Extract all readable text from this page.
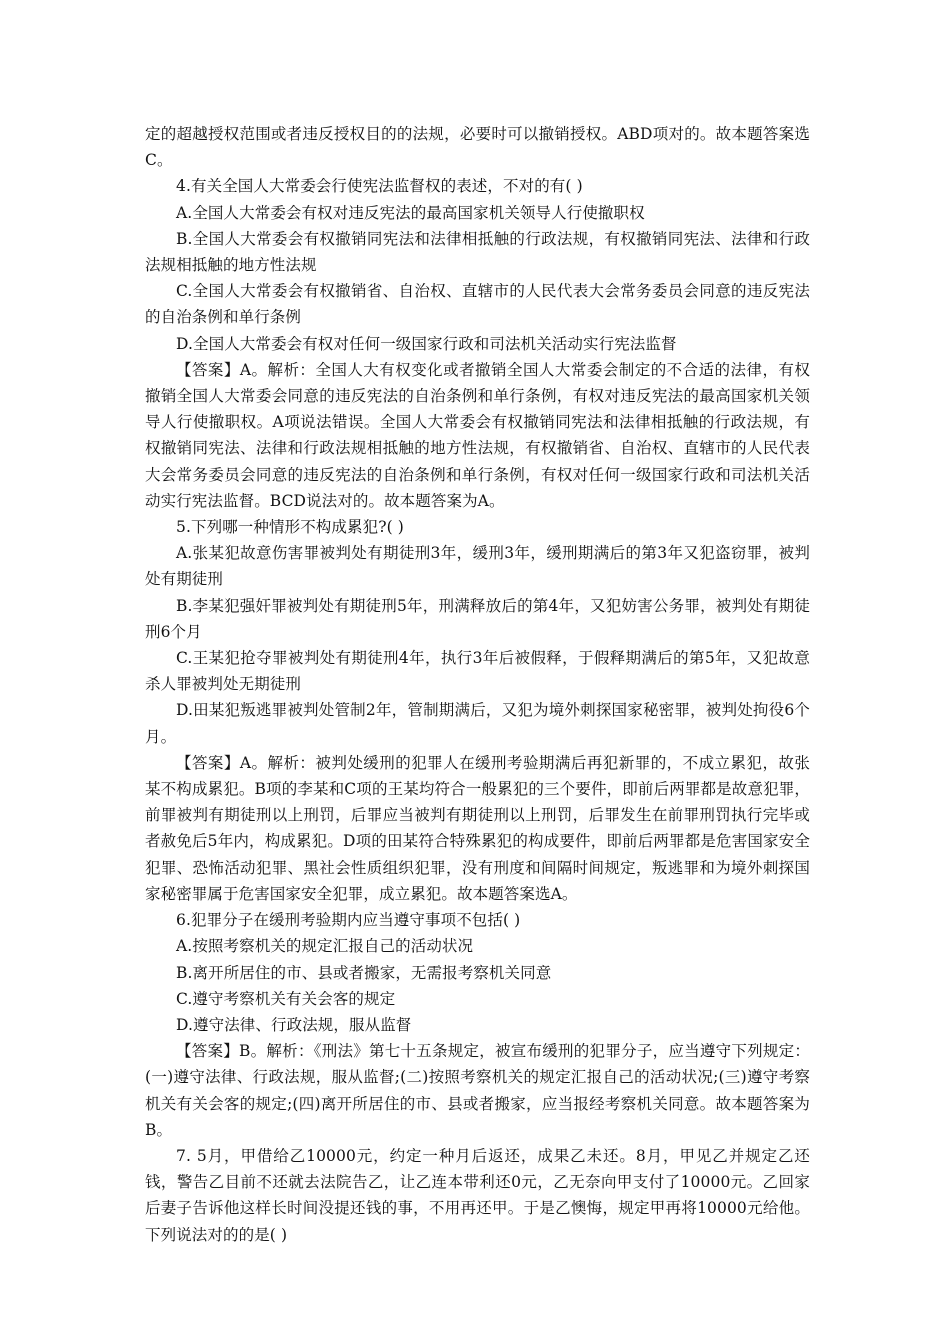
定的超越授权范围或者违反授权目的的法规，必要时可以撤销授权。ABD项对的。故本题答案选C。

4.有关全国人大常委会行使宪法监督权的表述，不对的有( )

A.全国人大常委会有权对违反宪法的最高国家机关领导人行使撤职权

B.全国人大常委会有权撤销同宪法和法律相抵触的行政法规，有权撤销同宪法、法律和行政法规相抵触的地方性法规

C.全国人大常委会有权撤销省、自治权、直辖市的人民代表大会常务委员会同意的违反宪法的自治条例和单行条例

D.全国人大常委会有权对任何一级国家行政和司法机关活动实行宪法监督

【答案】A。解析：全国人大有权变化或者撤销全国人大常委会制定的不合适的法律，有权撤销全国人大常委会同意的违反宪法的自治条例和单行条例，有权对违反宪法的最高国家机关领导人行使撤职权。A项说法错误。全国人大常委会有权撤销同宪法和法律相抵触的行政法规，有权撤销同宪法、法律和行政法规相抵触的地方性法规，有权撤销省、自治权、直辖市的人民代表大会常务委员会同意的违反宪法的自治条例和单行条例，有权对任何一级国家行政和司法机关活动实行宪法监督。BCD说法对的。故本题答案为A。

5.下列哪一种情形不构成累犯?( )

A.张某犯故意伤害罪被判处有期徒刑3年，缓刑3年，缓刑期满后的第3年又犯盗窃罪，被判处有期徒刑

B.李某犯强奸罪被判处有期徒刑5年，刑满释放后的第4年，又犯妨害公务罪，被判处有期徒刑6个月

C.王某犯抢夺罪被判处有期徒刑4年，执行3年后被假释，于假释期满后的第5年，又犯故意杀人罪被判处无期徒刑

D.田某犯叛逃罪被判处管制2年，管制期满后，又犯为境外刺探国家秘密罪，被判处拘役6个月。

【答案】A。解析：被判处缓刑的犯罪人在缓刑考验期满后再犯新罪的，不成立累犯，故张某不构成累犯。B项的李某和C项的王某均符合一般累犯的三个要件，即前后两罪都是故意犯罪，前罪被判有期徒刑以上刑罚，后罪应当被判有期徒刑以上刑罚，后罪发生在前罪刑罚执行完毕或者赦免后5年内，构成累犯。D项的田某符合特殊累犯的构成要件，即前后两罪都是危害国家安全犯罪、恐怖活动犯罪、黑社会性质组织犯罪，没有刑度和间隔时间规定，叛逃罪和为境外刺探国家秘密罪属于危害国家安全犯罪，成立累犯。故本题答案选A。

6.犯罪分子在缓刑考验期内应当遵守事项不包括( )

A.按照考察机关的规定汇报自己的活动状况

B.离开所居住的市、县或者搬家，无需报考察机关同意

C.遵守考察机关有关会客的规定

D.遵守法律、行政法规，服从监督

【答案】B。解析：《刑法》第七十五条规定，被宣布缓刑的犯罪分子，应当遵守下列规定：(一)遵守法律、行政法规，服从监督;(二)按照考察机关的规定汇报自己的活动状况;(三)遵守考察机关有关会客的规定;(四)离开所居住的市、县或者搬家，应当报经考察机关同意。故本题答案为B。

7. 5月，甲借给乙10000元，约定一种月后返还，成果乙未还。8月，甲见乙并规定乙还钱，警告乙目前不还就去法院告乙，让乙连本带利还0元，乙无奈向甲支付了10000元。乙回家后妻子告诉他这样长时间没提还钱的事，不用再还甲。于是乙懊悔，规定甲再将10000元给他。下列说法对的的是( )
